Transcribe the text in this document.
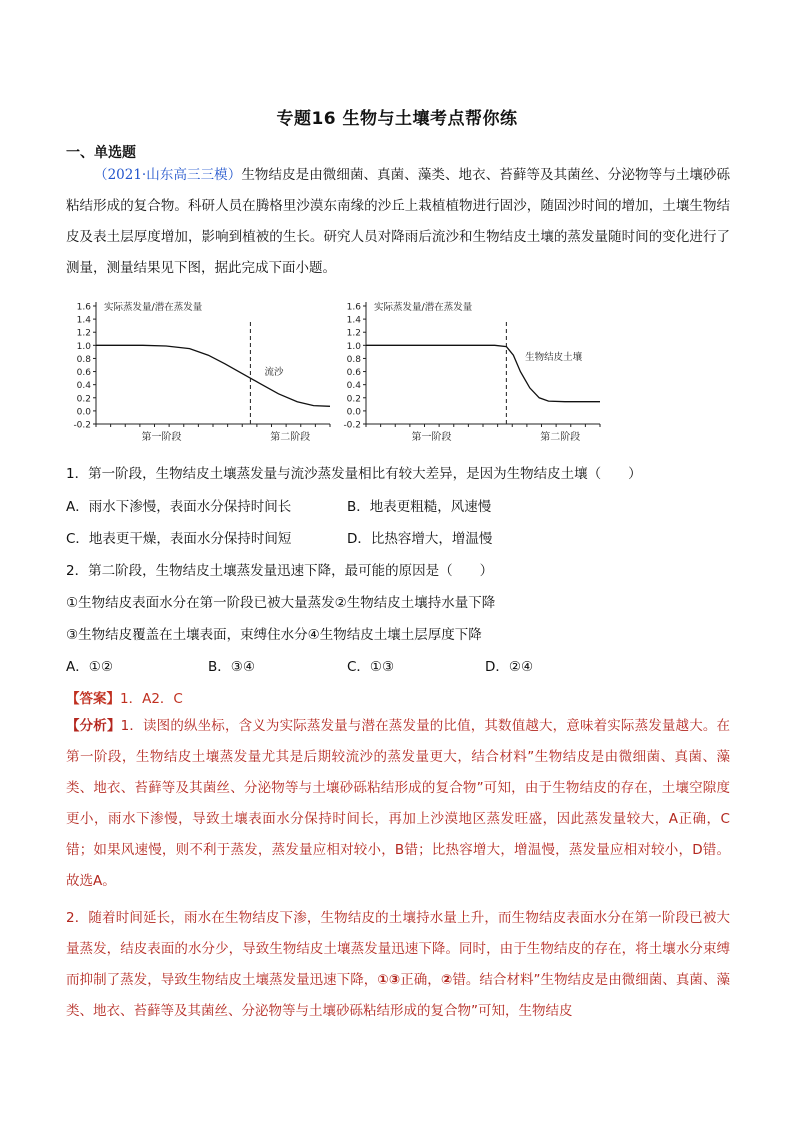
专题16 生物与土壤考点帮你练
一、单选题
（2021·山东高三三模）生物结皮是由微细菌、真菌、藻类、地衣、苔藓等及其菌丝、分泌物等与土壤砂砾粘结形成的复合物。科研人员在腾格里沙漠东南缘的沙丘上栽植植物进行固沙，随固沙时间的增加，土壤生物结皮及表土层厚度增加，影响到植被的生长。研究人员对降雨后流沙和生物结皮土壤的蒸发量随时间的变化进行了测量，测量结果见下图，据此完成下面小题。
1.6
1.4
1.2
1.0
0.8
0.6
0.4
0.2
0.0
-0.2
实际蒸发量/潜在蒸发量
流沙
第一阶段	第二阶段
1.6
1.4
1.2
1.0
0.8
0.6
0.4
0.2
0.0
-0.2
实际蒸发量/潜在蒸发量
生物结皮土壤
第一阶段	第二阶段
1．第一阶段，生物结皮土壤蒸发量与流沙蒸发量相比有较大差异，是因为生物结皮土壤（　　）
A．雨水下渗慢，表面水分保持时间长	B．地表更粗糙，风速慢
C．地表更干燥，表面水分保持时间短	D．比热容增大，增温慢
2．第二阶段，生物结皮土壤蒸发量迅速下降，最可能的原因是（　　）
①生物结皮表面水分在第一阶段已被大量蒸发②生物结皮土壤持水量下降
③生物结皮覆盖在土壤表面，束缚住水分④生物结皮土壤土层厚度下降
A．①②	B．③④	C．①③	D．②④
【答案】1．A2．C
【分析】1．读图的纵坐标，含义为实际蒸发量与潜在蒸发量的比值，其数值越大，意味着实际蒸发量越大。在第一阶段，生物结皮土壤蒸发量尤其是后期较流沙的蒸发量更大，结合材料”生物结皮是由微细菌、真菌、藻类、地衣、苔藓等及其菌丝、分泌物等与土壤砂砾粘结形成的复合物”可知，由于生物结皮的存在，土壤空隙度更小，雨水下渗慢，导致土壤表面水分保持时间长，再加上沙漠地区蒸发旺盛，因此蒸发量较大，A正确，C错；如果风速慢，则不利于蒸发，蒸发量应相对较小，B错；比热容增大，增温慢，蒸发量应相对较小，D错。故选A。
2．随着时间延长，雨水在生物结皮下渗，生物结皮的土壤持水量上升，而生物结皮表面水分在第一阶段已被大量蒸发，结皮表面的水分少，导致生物结皮土壤蒸发量迅速下降。同时，由于生物结皮的存在，将土壤水分束缚而抑制了蒸发，导致生物结皮土壤蒸发量迅速下降，①③正确，②错。结合材料”生物结皮是由微细菌、真菌、藻类、地衣、苔藓等及其菌丝、分泌物等与土壤砂砾粘结形成的复合物”可知，生物结皮
